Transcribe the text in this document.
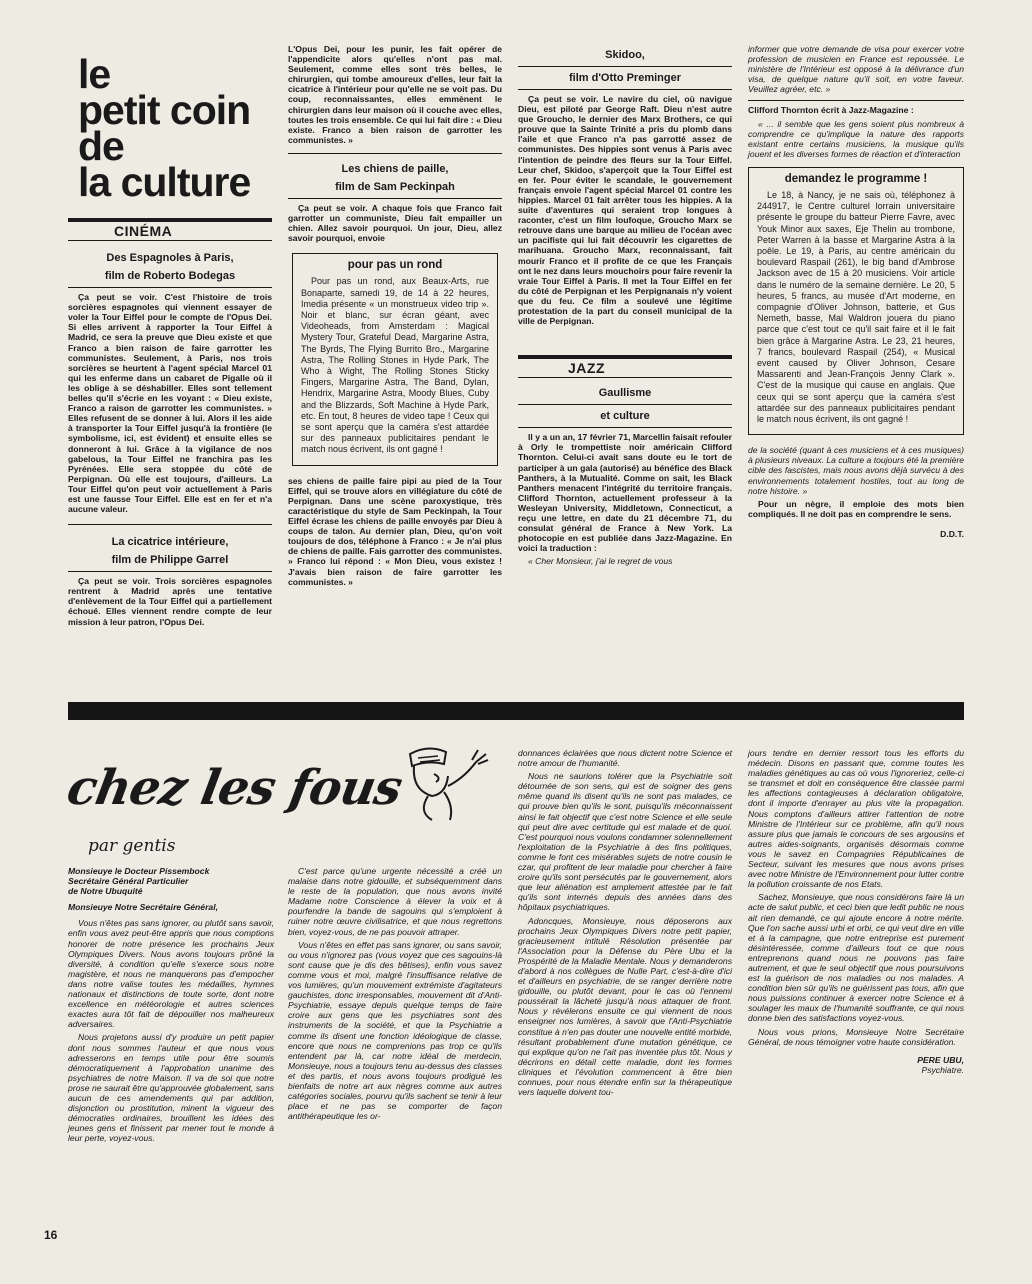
le
petit coin
de
la culture
CINÉMA
Des Espagnoles à Paris,
film de Roberto Bodegas

Ça peut se voir. C'est l'histoire de trois sorcières espagnoles qui viennent essayer de voler la Tour Eiffel pour le compte de l'Opus Dei. Si elles arrivent à rapporter la Tour Eiffel à Madrid, ce sera la preuve que Dieu existe et que Franco a bien raison de faire garrotter les communistes. Seulement, à Paris, nos trois sorcières se heurtent à l'agent spécial Marcel 01 qui les enferme dans un cabaret de Pigalle où il les oblige à se déshabiller. Elles sont tellement belles qu'il s'écrie en les voyant : « Dieu existe, Franco a raison de garrotter les communistes. » Elles refusent de se donner à lui. Alors il les aide à transporter la Tour Eiffel jusqu'à la frontière (le symbolisme, ici, est évident) et ensuite elles se donneront à lui. Grâce à la vigilance de nos gabelous, la Tour Eiffel ne franchira pas les Pyrénées. Elle sera stoppée du côté de Perpignan. Où elle est toujours, d'ailleurs. La Tour Eiffel qu'on peut voir actuellement à Paris est une fausse Tour Eiffel. Elle est en fer et n'a aucune valeur.

La cicatrice intérieure,
film de Philippe Garrel

Ça peut se voir. Trois sorcières espagnoles rentrent à Madrid après une tentative d'enlèvement de la Tour Eiffel qui a partiellement échoué. Elles viennent rendre compte de leur mission à leur patron, l'Opus Dei.

L'Opus Dei, pour les punir, les fait opérer de l'appendicite alors qu'elles n'ont pas mal. Seulement, comme elles sont très belles, le chirurgien, qui tombe amoureux d'elles, leur fait la cicatrice à l'intérieur pour qu'elle ne se voit pas. Du coup, reconnaissantes, elles emmènent le chirurgien dans leur maison où il couche avec elles, toutes les trois ensemble. Ce qui lui fait dire : « Dieu existe. Franco a bien raison de garrotter les communistes. »

Les chiens de paille,
film de Sam Peckinpah

Ça peut se voir. A chaque fois que Franco fait garrotter un communiste, Dieu fait empailler un chien. Allez savoir pourquoi. Un jour, Dieu, allez savoir pourquoi, envoie

pour pas un rond

Pour pas un rond, aux Beaux-Arts, rue Bonaparte, samedi 19, de 14 à 22 heures, Imedia présente « un monstrueux video trip ». Noir et blanc, sur écran géant, avec Videoheads, from Amsterdam : Magical Mystery Tour, Grateful Dead, Margarine Astra, The Byrds, The Flying Burrito Bro., Margarine Astra, The Rolling Stones in Hyde Park, The Who à Wight, The Rolling Stones Sticky Fingers, Margarine Astra, The Band, Dylan, Hendrix, Margarine Astra, Moody Blues, Cuby and the Blizzards, Soft Machine à Hyde Park, etc. En tout, 8 heures de video tape ! Ceux qui se sont aperçu que la caméra s'est attardée sur des panneaux publicitaires pendant le match nous écrivent, ils ont gagné !

ses chiens de paille faire pipi au pied de la Tour Eiffel, qui se trouve alors en villégiature du côté de Perpignan. Dans une scène paroxystique, très caractéristique du style de Sam Peckinpah, la Tour Eiffel écrase les chiens de paille envoyés par Dieu à coups de talon. Au dernier plan, Dieu, qu'on voit toujours de dos, téléphone à Franco : « Je n'ai plus de chiens de paille. Fais garrotter des communistes. » Franco lui répond : « Mon Dieu, vous existez ! J'avais bien raison de faire garrotter les communistes. »

Skidoo,
film d'Otto Preminger

Ça peut se voir. Le navire du ciel, où navigue Dieu, est piloté par George Raft. Dieu n'est autre que Groucho, le dernier des Marx Brothers, ce qui prouve que la Sainte Trinité a pris du plomb dans l'aile et que Franco n'a pas garrotté assez de communistes. Des hippies sont venus à Paris avec l'intention de peindre des fleurs sur la Tour Eiffel. Leur chef, Skidoo, s'aperçoit que la Tour Eiffel est en fer. Pour éviter le scandale, le gouvernement français envoie l'agent spécial Marcel 01 contre les hippies. Marcel 01 fait arrêter tous les hippies. A la suite d'aventures qui seraient trop longues à raconter, c'est un film loufoque, Groucho Marx se retrouve dans une barque au milieu de l'océan avec un pacifiste qui lui fait découvrir les cigarettes de marihuana. Groucho Marx, reconnaissant, fait mourir Franco et il profite de ce que les Français ont le nez dans leurs mouchoirs pour faire revenir la vraie Tour Eiffel à Paris. Il met la Tour Eiffel en fer du côté de Perpignan et les Perpignanais n'y voient que du feu. Ce film a soulevé une légitime protestation de la part du conseil municipal de la ville de Perpignan.

JAZZ
Gaullisme
et culture

Il y a un an, 17 février 71, Marcellin faisait refouler à Orly le trompettiste noir américain Clifford Thornton. Celui-ci avait sans doute eu le tort de participer à un gala (autorisé) au bénéfice des Black Panthers, à la Mutualité. Comme on sait, les Black Panthers menacent l'intégrité du territoire français. Clifford Thornton, actuellement professeur à la Wesleyan University, Middletown, Connecticut, a reçu une lettre, en date du 21 décembre 71, du consulat général de France à New York. La photocopie en est publiée dans Jazz-Magazine. En voici la traduction :

« Cher Monsieur, j'ai le regret de vous

informer que votre demande de visa pour exercer votre profession de musicien en France est repoussée. Le ministère de l'Intérieur est opposé à la délivrance d'un visa, de quelque nature qu'il soit, en votre faveur. Veuillez agréer, etc. »

Clifford Thornton écrit à Jazz-Magazine :

« ... il semble que les gens soient plus nombreux à comprendre ce qu'implique la nature des rapports existant entre certains musiciens, la musique qu'ils jouent et les diverses formes de réaction et d'interaction

demandez le programme !

Le 18, à Nancy, je ne sais où, téléphonez à 244917, le Centre culturel lorrain universitaire présente le groupe du batteur Pierre Favre, avec Youk Minor aux saxes, Eje Thelin au trombone, Peter Warren à la basse et Margarine Astra à la poêle. Le 19, à Paris, au centre américain du boulevard Raspail (261), le big band d'Ambrose Jackson avec de 15 à 20 musiciens. Voir article dans le numéro de la semaine dernière. Le 20, 5 heures, 5 francs, au musée d'Art moderne, en compagnie d'Oliver Johnson, batterie, et Gus Nemeth, basse, Mal Waldron jouera du piano parce que c'est tout ce qu'il sait faire et il le fait bien grâce à Margarine Astra. Le 23, 21 heures, 7 francs, boulevard Raspail (254), « Musical event caused by Oliver Johnson, Cesare Massarenti and Jean-François Jenny Clark ». C'est de la musique qui cause en anglais. Que ceux qui se sont aperçu que la caméra s'est attardée sur des panneaux publicitaires pendant le match nous écrivent, ils ont gagné !

de la société (quant à ces musiciens et à ces musiques) à plusieurs niveaux. La culture a toujours été la première cible des fascistes, mais nous avons déjà survécu à des environnements totalement hostiles, tout au long de notre histoire. »

Pour un nègre, il emploie des mots bien compliqués. Il ne doit pas en comprendre le sens.

D.D.T.

chez les fous
par gentis

Monsieuye le Docteur Pissembock

Secrétaire Général Particulier

de Notre Ubuquité

Monsieuye Notre Secrétaire Général,

Vous n'êtes pas sans ignorer, ou plutôt sans savoir, enfin vous avez peut-être appris que nous comptions honorer de notre présence les prochains Jeux Olympiques Divers. Nous avons toujours prôné la diversité, à condition qu'elle s'exerce sous notre magistère, et nous ne manquerons pas d'empocher dans notre valise toutes les médailles, hymnes nationaux et distinctions de toute sorte, dont notre excellence en météorologie et autres sciences exactes aura tôt fait de dépouiller nos malheureux adversaires.

Nous projetons aussi d'y produire un petit papier dont nous sommes l'auteur et que nous vous adresserons en temps utile pour être soumis démocratiquement à l'approbation unanime des psychiatres de notre Maison. Il va de soi que notre prose ne saurait être qu'approuvée globalement, sans aucun de ces amendements qui par addition, disjonction ou prostitution, minent la vigueur des démocraties ordinaires, brouillent les idées des jeunes gens et finissent par mener tout le monde à leur perte, voyez-vous.

C'est parce qu'une urgente nécessité a créé un malaise dans notre gidouille, et subséquemment dans le reste de la population, que nous avons invité Madame notre Conscience à élever la voix et à pourfendre la bande de sagouins qui s'emploient à ruiner notre œuvre civilisatrice, et que nous regrettons bien, voyez-vous, de ne pas pouvoir attraper.

Vous n'êtes en effet pas sans ignorer, ou sans savoir, ou vous n'ignorez pas (vous voyez que ces sagouins-là sont cause que je dis des bêtises), enfin vous savez comme vous et moi, malgré l'insuffisance relative de vos lumières, qu'un mouvement extrémiste d'agitateurs gauchistes, donc irresponsables, mouvement dit d'Anti-Psychiatrie, essaye depuis quelque temps de faire croire aux gens que les psychiatres sont des instruments de la société, et que la Psychiatrie a comme ils disent une fonction idéologique de classe, encore que nous ne comprenions pas trop ce qu'ils entendent par là, car notre idéal de merdecin, Monsieuye, nous a toujours tenu au-dessus des classes et des partis, et nous avons toujours prodigué les bienfaits de notre art aux nègres comme aux autres catégories sociales, pourvu qu'ils sachent se tenir à leur place et ne pas se comporter de façon antithérapeutique les or-

donnances éclairées que nous dictent notre Science et notre amour de l'humanité.

Nous ne saurions tolérer que la Psychiatrie soit détournée de son sens, qui est de soigner des gens même quand ils disent qu'ils ne sont pas malades, ce qui prouve bien qu'ils le sont, puisqu'ils méconnaissent ainsi le fait objectif que c'est notre Science et elle seule qui peut dire avec certitude qui est malade et de quoi. C'est pourquoi nous voulons condamner solennellement l'exploitation de la Psychiatrie à des fins politiques, comme le font ces misérables sujets de notre cousin le czar, qui profitent de leur maladie pour chercher à faire croire qu'ils sont persécutés par le gouvernement, alors que leur aliénation est amplement attestée par le fait qu'ils sont internés depuis des années dans des hôpitaux psychiatriques.

Adoncques, Monsieuye, nous déposerons aux prochains Jeux Olympiques Divers notre petit papier, gracieusement intitulé Résolution présentée par l'Association pour la Défense du Père Ubu et la Prospérité de la Maladie Mentale. Nous y demanderons d'abord à nos collègues de Nulle Part, c'est-à-dire d'ici et d'ailleurs en psychiatrie, de se ranger derrière notre gidouille, ou plutôt devant, pour le cas où l'ennemi poussérait la lâcheté jusqu'à nous attaquer de front. Nous y révélerons ensuite ce qui viennent de nous enseigner nos lumières, à savoir que l'Anti-Psychiatrie constitue à n'en pas douter une nouvelle entité morbide, résultant probablement d'une mutation génétique, ce qui explique qu'on ne l'ait pas inventée plus tôt. Nous y décrirons en détail cette maladie, dont les formes cliniques et l'évolution commencent à être bien connues, pour nous étendre enfin sur la thérapeutique vers laquelle doivent tou-

jours tendre en dernier ressort tous les efforts du médecin. Disons en passant que, comme toutes les maladies génétiques au cas où vous l'ignoreriez, celle-ci se transmet et doit en conséquence être classée parmi les affections contagieuses à déclaration obligatoire, dont il importe d'enrayer au plus vite la propagation. Nous comptons d'ailleurs attirer l'attention de notre Ministre de l'Intérieur sur ce problème, afin qu'il nous assure plus que jamais le concours de ses argousins et autres aides-soignants, organisés désormais comme vous le savez en Compagnies Républicaines de Secteur, suivant les mesures que nous avons prises avec notre Ministre de l'Environnement pour lutter contre la pollution croissante de nos Etats.

Sachez, Monsieuye, que nous considérons faire là un acte de salut public, et ceci bien que ledit public ne nous ait rien demandé, ce qui ajoute encore à notre mérite. Que l'on sache aussi urbi et orbi, ce qui veut dire en ville et à la campagne, que notre entreprise est purement désintéressée, comme d'ailleurs tout ce que nous entreprenons quand nous ne pouvons pas faire autrement, et que le seul objectif que nous poursuivons est la guérison de nos maladies ou nos malades. A condition bien sûr qu'ils ne guérissent pas tous, afin que nous puissions continuer à exercer notre Science et à soulager les maux de l'humanité souffrante, ce qui nous donne bien des satisfactions voyez-vous.

Nous vous prions, Monsieuye Notre Secrétaire Général, de nous témoigner votre haute considération.

PERE UBU,

Psychiatre.

16
